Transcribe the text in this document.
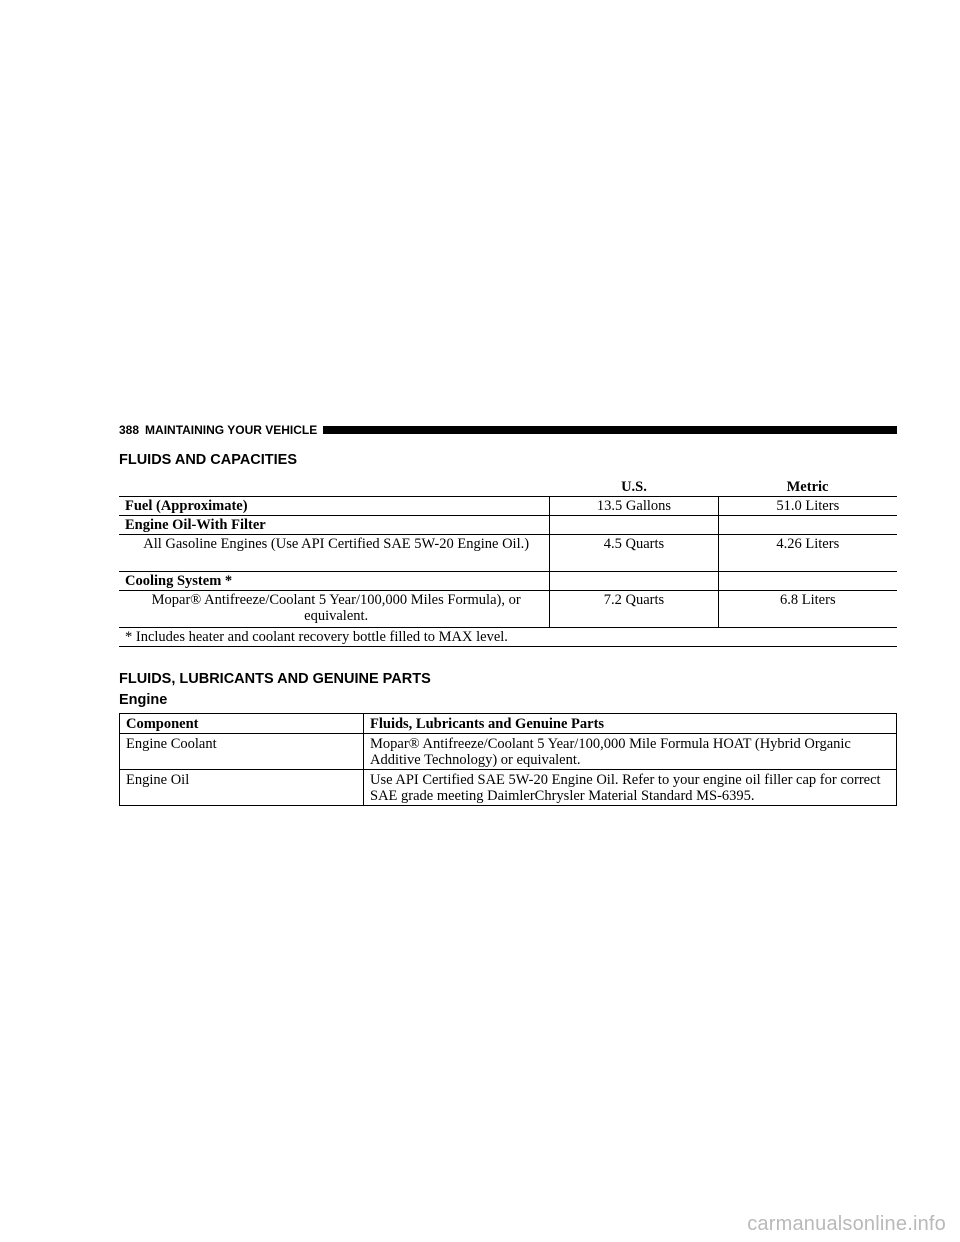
388 MAINTAINING YOUR VEHICLE
FLUIDS AND CAPACITIES
	U.S.	Metric
Fuel (Approximate)	13.5 Gallons	51.0 Liters
Engine Oil-With Filter		
All Gasoline Engines (Use API Certified SAE 5W-20 Engine Oil.)	4.5 Quarts	4.26 Liters
Cooling System *		
Mopar® Antifreeze/Coolant 5 Year/100,000 Miles Formula), or equivalent.	7.2 Quarts	6.8 Liters
* Includes heater and coolant recovery bottle filled to MAX level.		
FLUIDS, LUBRICANTS AND GENUINE PARTS
Engine
Component	Fluids, Lubricants and Genuine Parts
Engine Coolant	Mopar® Antifreeze/Coolant 5 Year/100,000 Mile Formula HOAT (Hybrid Organic Additive Technology) or equivalent.
Engine Oil	Use API Certified SAE 5W-20 Engine Oil. Refer to your engine oil filler cap for correct SAE grade meeting DaimlerChrysler Material Standard MS-6395.
carmanualsonline.info
